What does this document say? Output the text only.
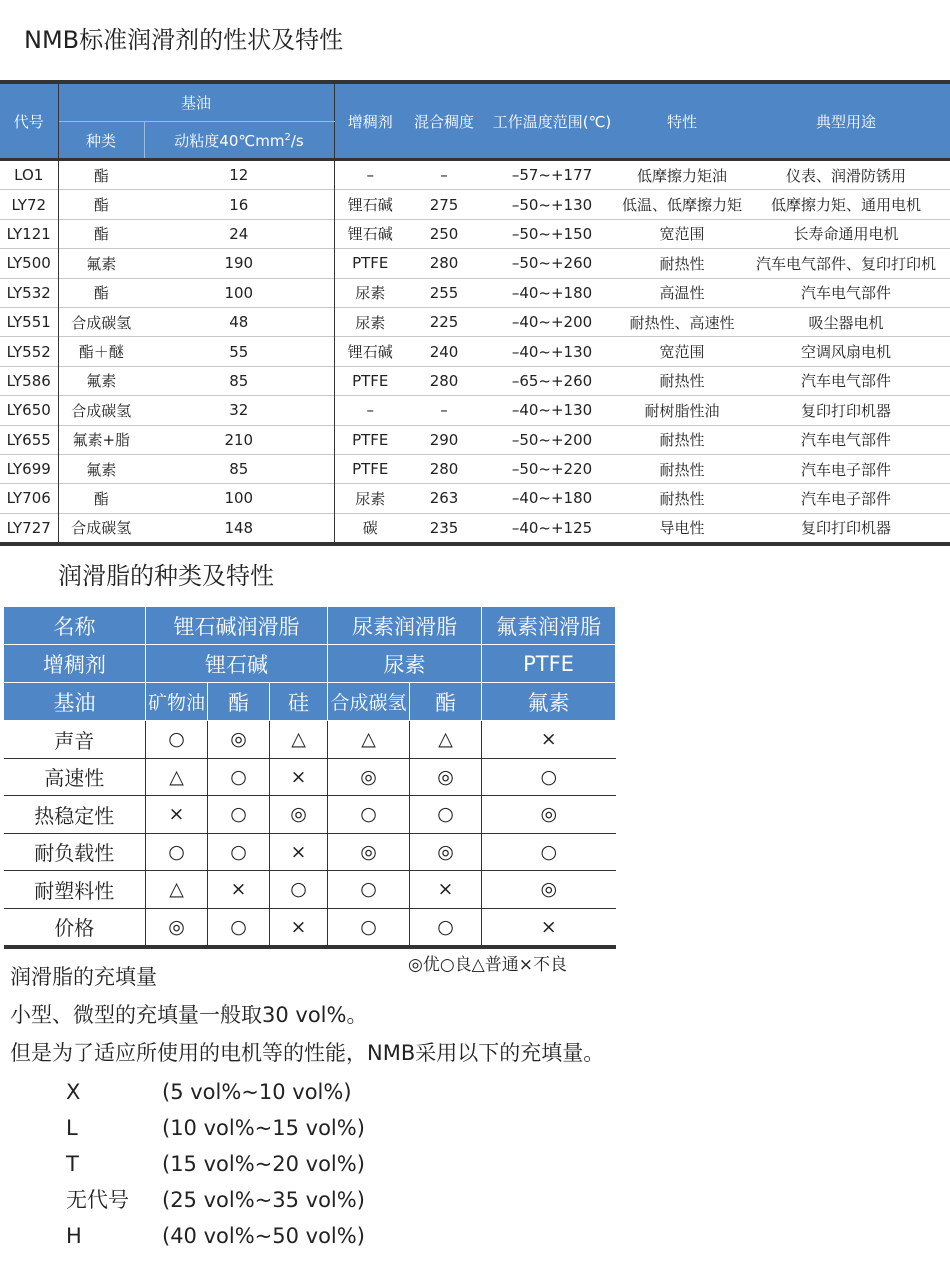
NMB标准润滑剂的性状及特性
代号	基油		增稠剂	混合稠度	工作温度范围(℃)	特性	典型用途
	种类	动粘度$40℃mm^2/s$					
LO1	酯	12	–	–	–57~+177	低摩擦力矩油	仪表、润滑防锈用
LY72	酯	16	锂石碱	275	–50~+130	低温、低摩擦力矩	低摩擦力矩、通用电机
LY121	酯	24	锂石碱	250	–50~+150	宽范围	长寿命通用电机
LY500	氟素	190	PTFE	280	–50~+260	耐热性	汽车电气部件、复印打印机
LY532	酯	100	尿素	255	–40~+180	高温性	汽车电气部件
LY551	合成碳氢	48	尿素	225	–40~+200	耐热性、高速性	吸尘器电机
LY552	酯＋醚	55	锂石碱	240	–40~+130	宽范围	空调风扇电机
LY586	氟素	85	PTFE	280	–65~+260	耐热性	汽车电气部件
LY650	合成碳氢	32	–	–	–40~+130	耐树脂性油	复印打印机器
LY655	氟素+脂	210	PTFE	290	–50~+200	耐热性	汽车电气部件
LY699	氟素	85	PTFE	280	–50~+220	耐热性	汽车电子部件
LY706	酯	100	尿素	263	–40~+180	耐热性	汽车电子部件
LY727	合成碳氢	148	碳	235	–40~+125	导电性	复印打印机器
润滑脂的种类及特性
名称	锂石碱润滑脂			尿素润滑脂		氟素润滑脂
增稠剂	锂石碱			尿素		PTFE
基油	矿物油	酯	硅	合成碳氢	酯	氟素
声音	○	◎	△	△	△	×
高速性	△	○	×	◎	◎	○
热稳定性	×	○	◎	○	○	◎
耐负载性	○	○	×	◎	◎	○
耐塑料性	△	×	○	○	×	◎
价格	◎	○	×	○	○	×
◎优○良△普通×不良
润滑脂的充填量
小型、微型的充填量一般取30 vol%。
但是为了适应所使用的电机等的性能，NMB采用以下的充填量。
X	(5 vol%~10 vol%)
L	(10 vol%~15 vol%)
T	(15 vol%~20 vol%)
无代号 (25 vol%~35 vol%)
H	(40 vol%~50 vol%)
